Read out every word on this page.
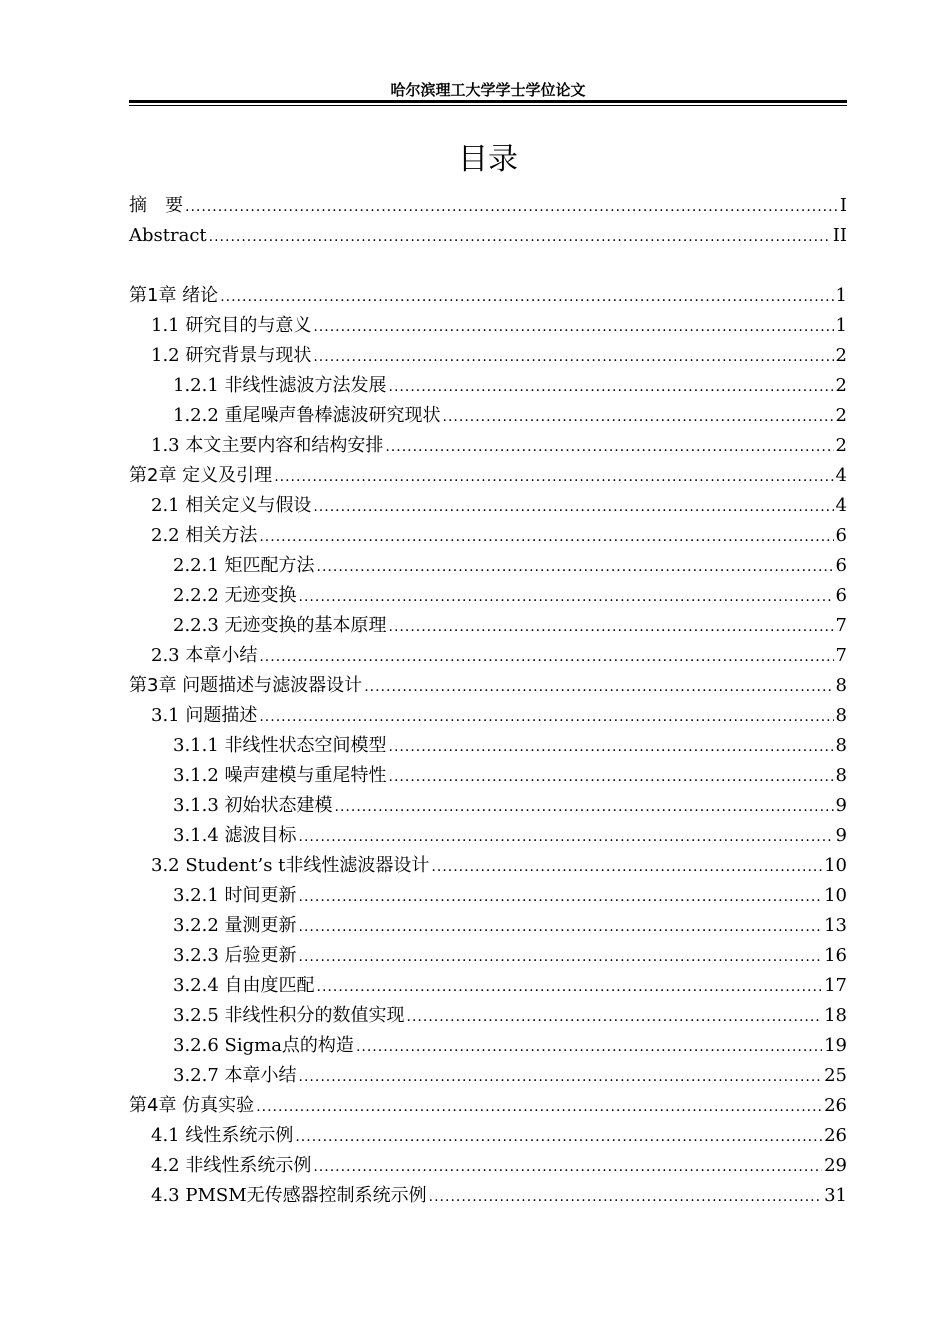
哈尔滨理工大学学士学位论文
目录
摘　要 .....	I
Abstract .....	II
第1章 绪论 .....	1
1.1 研究目的与意义 .....	1
1.2 研究背景与现状 .....	2
1.2.1 非线性滤波方法发展 .....	2
1.2.2 重尾噪声鲁棒滤波研究现状 .....	2
1.3 本文主要内容和结构安排 .....	2
第2章 定义及引理 .....	4
2.1 相关定义与假设 .....	4
2.2 相关方法 .....	6
2.2.1 矩匹配方法 .....	6
2.2.2 无迹变换 .....	6
2.2.3 无迹变换的基本原理 .....	7
2.3 本章小结 .....	7
第3章 问题描述与滤波器设计 .....	8
3.1 问题描述 .....	8
3.1.1 非线性状态空间模型 .....	8
3.1.2 噪声建模与重尾特性 .....	8
3.1.3 初始状态建模 .....	9
3.1.4 滤波目标 .....	9
3.2 Student’s t非线性滤波器设计 .....	10
3.2.1 时间更新 .....	10
3.2.2 量测更新 .....	13
3.2.3 后验更新 .....	16
3.2.4 自由度匹配 .....	17
3.2.5 非线性积分的数值实现 .....	18
3.2.6 Sigma点的构造 .....	19
3.2.7 本章小结 .....	25
第4章 仿真实验 .....	26
4.1 线性系统示例 .....	26
4.2 非线性系统示例 .....	29
4.3 PMSM无传感器控制系统示例 .....	31
